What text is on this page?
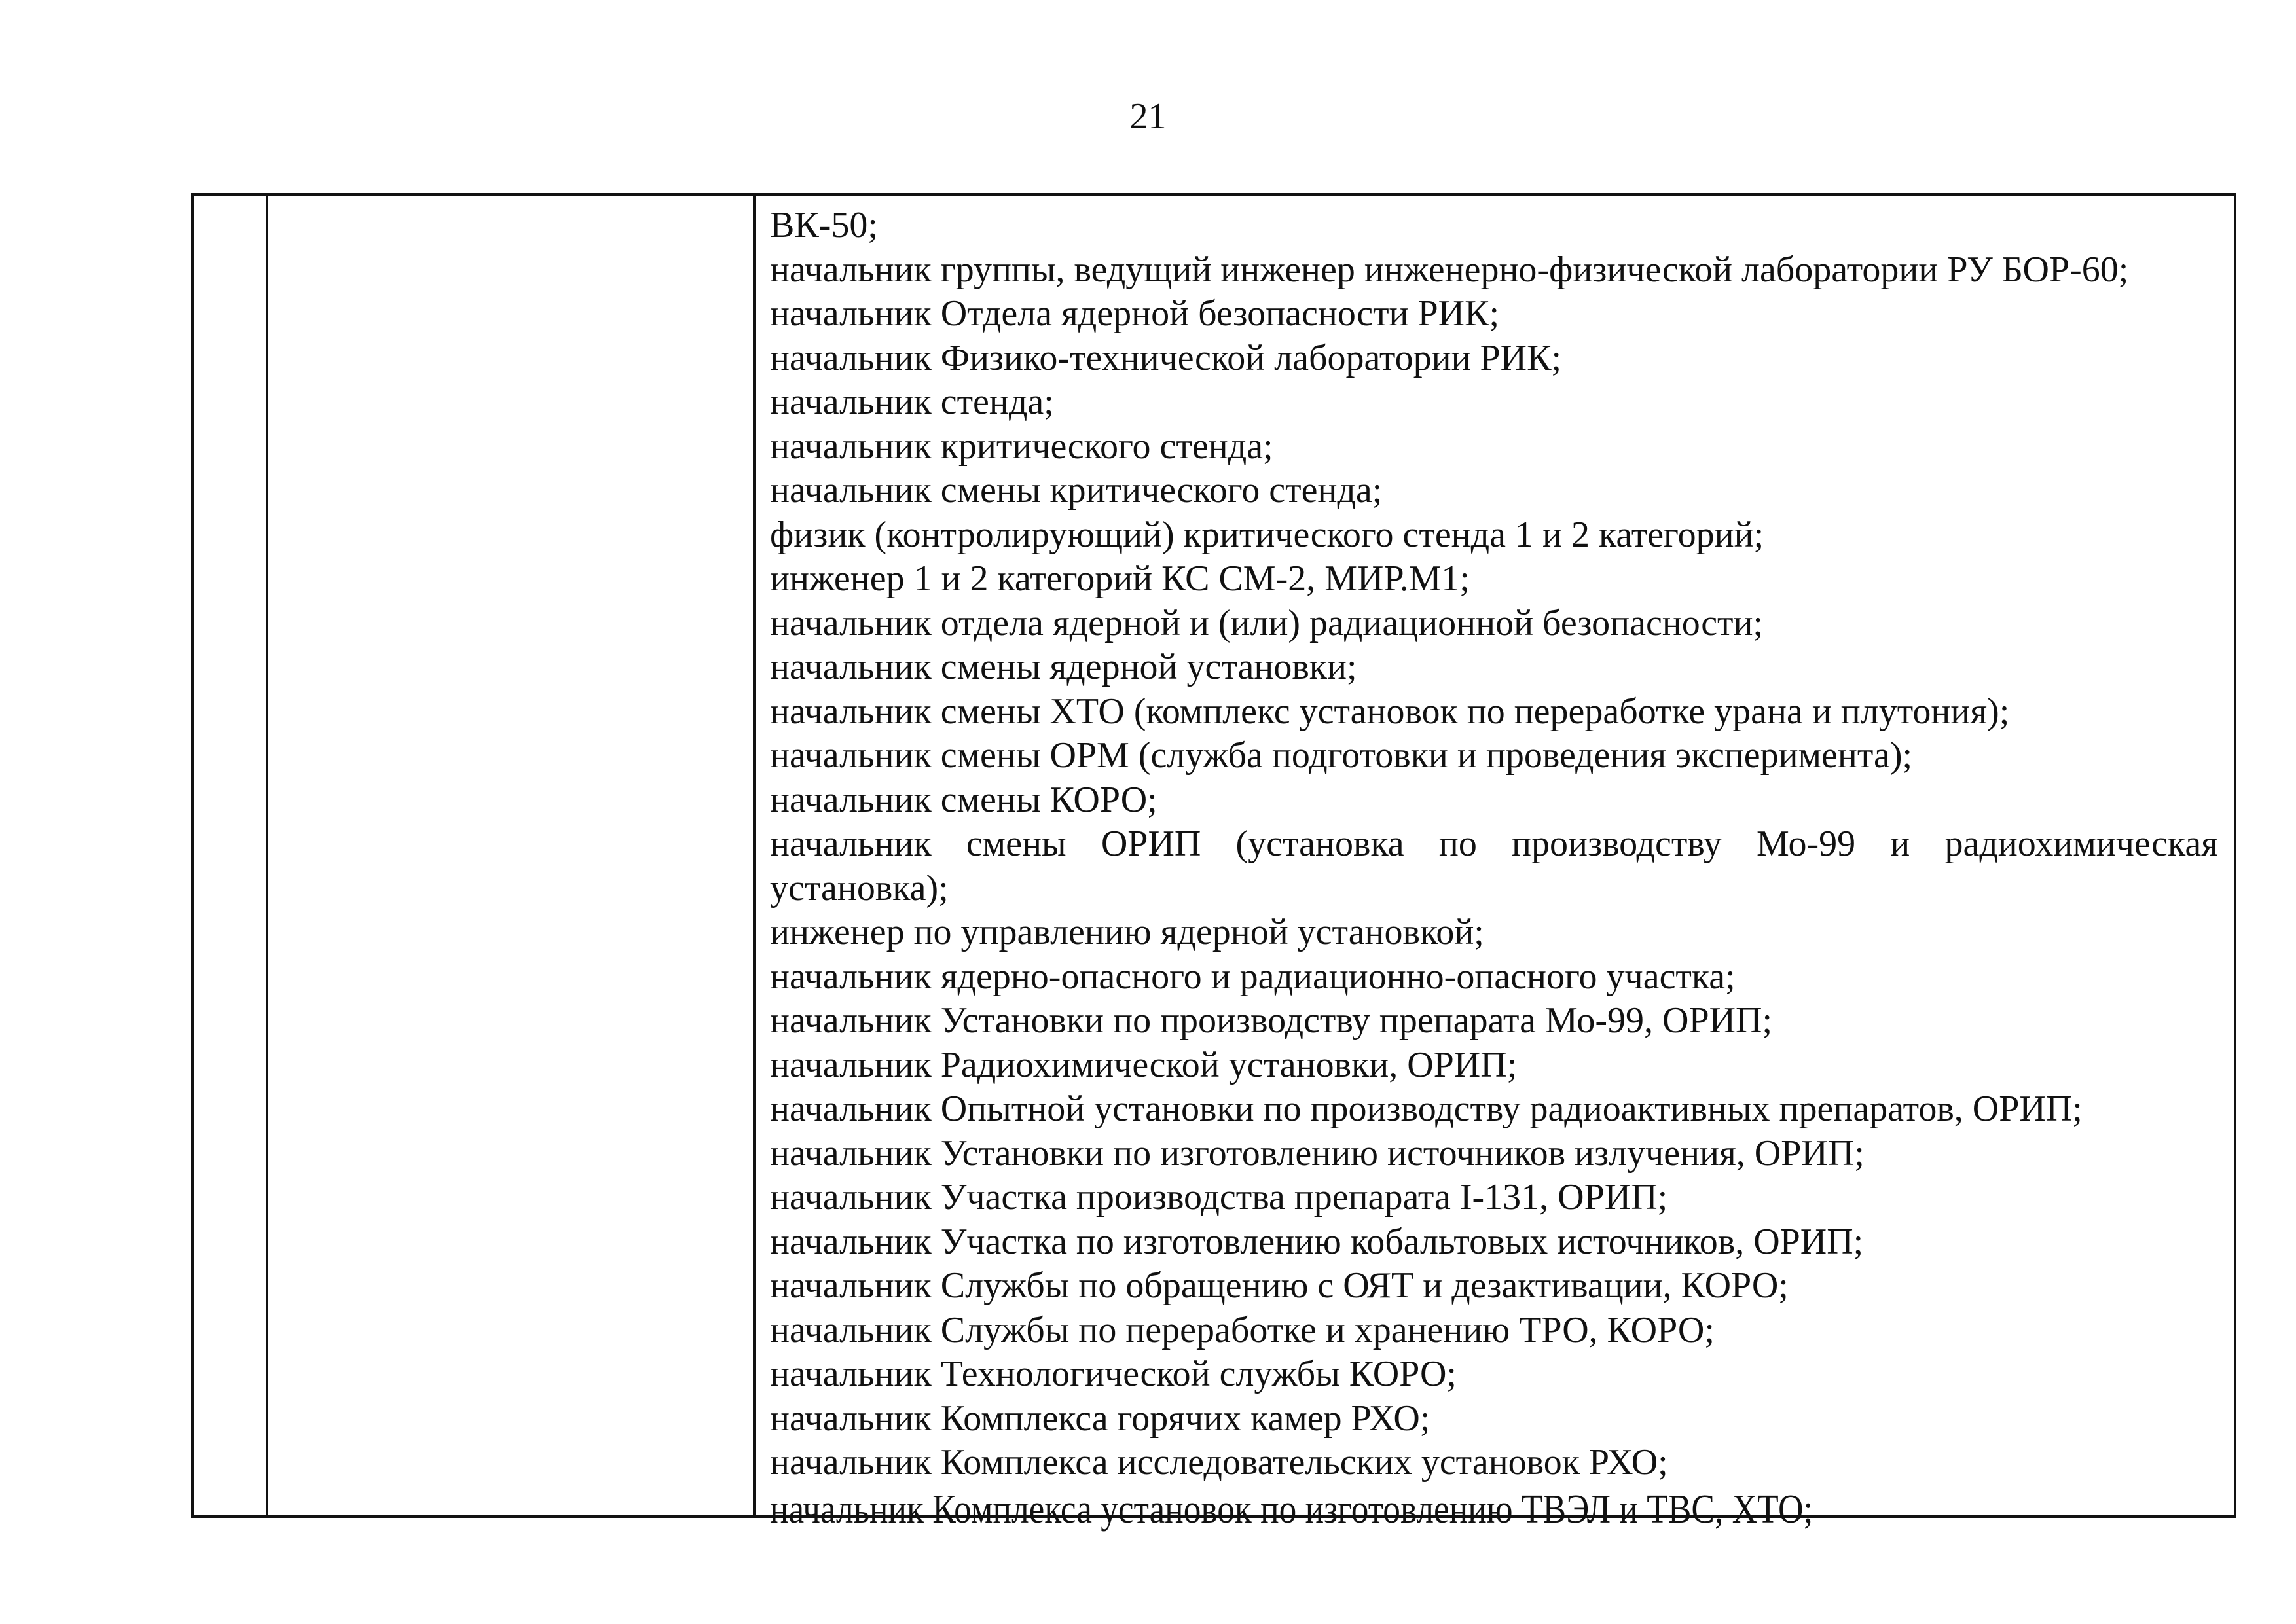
21
ВК-50;
начальник группы, ведущий инженер инженерно-физической лаборатории РУ БОР-60;
начальник Отдела ядерной безопасности РИК;
начальник Физико-технической лаборатории РИК;
начальник стенда;
начальник критического стенда;
начальник смены критического стенда;
физик (контролирующий) критического стенда 1 и 2 категорий;
инженер 1 и 2 категорий КС СМ-2, МИР.М1;
начальник отдела ядерной и (или) радиационной безопасности;
начальник смены ядерной установки;
начальник смены ХТО (комплекс установок по переработке урана и плутония);
начальник смены ОРМ (служба подготовки и проведения эксперимента);
начальник смены КОРО;
начальник смены ОРИП (установка по производству Мо-99 и радиохимическая
установка);
инженер по управлению ядерной установкой;
начальник ядерно-опасного и радиационно-опасного участка;
начальник Установки по производству препарата Мо-99, ОРИП;
начальник Радиохимической установки, ОРИП;
начальник Опытной установки по производству радиоактивных препаратов, ОРИП;
начальник Установки по изготовлению источников излучения, ОРИП;
начальник Участка производства препарата I-131, ОРИП;
начальник Участка по изготовлению кобальтовых источников, ОРИП;
начальник Службы по обращению с ОЯТ и дезактивации, КОРО;
начальник Службы по переработке и хранению ТРО, КОРО;
начальник Технологической службы КОРО;
начальник Комплекса горячих камер РХО;
начальник Комплекса исследовательских установок РХО;
начальник Комплекса установок по изготовлению ТВЭЛ и ТВС, ХТО;
